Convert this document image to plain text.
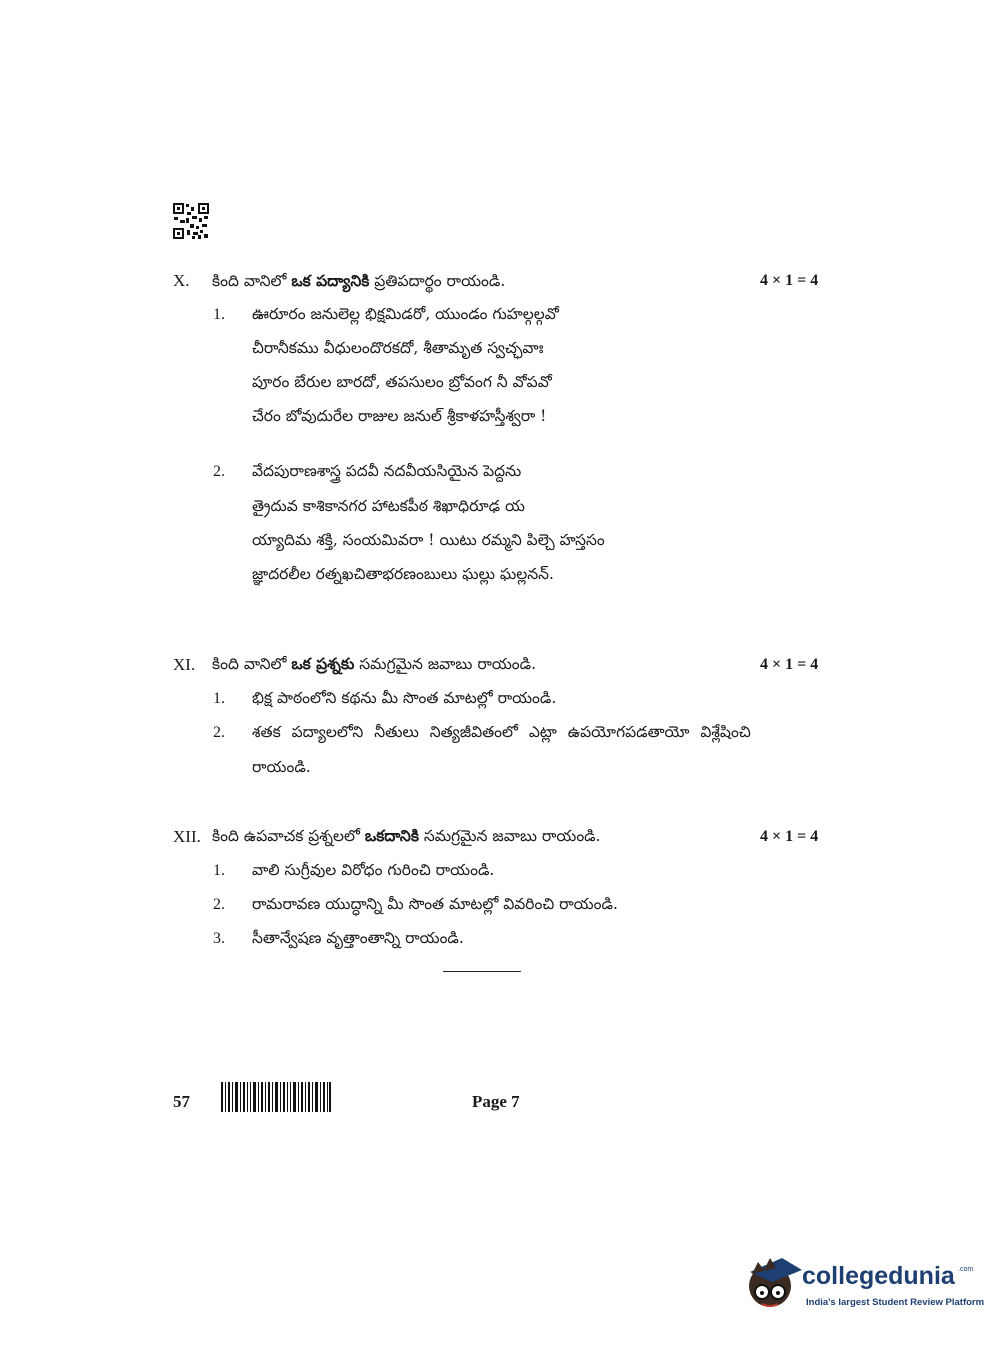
X. కింది వానిలో ఒక పద్యానికి ప్రతిపదార్థం రాయండి.	4 × 1 = 4
1. ఊరూరం జనులెల్ల భిక్షమిడరో, యుండం గుహల్గల్గవో
చీరానీకము వీధులందొరకదో, శీతామృత స్వచ్ఛవాః
పూరం బేరుల బారదో, తపసులం బ్రోవంగ నీ వోపవో
చేరం బోవుదురేల రాజుల జనుల్ శ్రీకాళహస్తీశ్వరా !
2. వేదపురాణశాస్త్ర పదవీ నదవీయసియైన పెద్దను
త్రైదువ కాశికానగర హాటకపీఠ శిఖాధిరూఢ య
య్యాదిమ శక్తి, సంయమివరా ! యిటు రమ్మని పిల్చె హస్తసం
జ్ఞాదరలీల రత్నఖచితాభరణంబులు ఘల్లు ఘల్లనన్.
XI. కింది వానిలో ఒక ప్రశ్నకు సమగ్రమైన జవాబు రాయండి.	4 × 1 = 4
1. భిక్ష పాఠంలోని కథను మీ సొంత మాటల్లో రాయండి.
2. శతక పద్యాలలోని నీతులు నిత్యజీవితంలో ఎట్లా ఉపయోగపడతాయో విశ్లేషించి
రాయండి.
XII. కింది ఉపవాచక ప్రశ్నలలో ఒకదానికి సమగ్రమైన జవాబు రాయండి.	4 × 1 = 4
1. వాలి సుగ్రీవుల విరోధం గురించి రాయండి.
2. రామరావణ యుద్ధాన్ని మీ సొంత మాటల్లో వివరించి రాయండి.
3. సీతాన్వేషణ వృత్తాంతాన్ని రాయండి.
57	Page 7
collegedunia .com
India's largest Student Review Platform
